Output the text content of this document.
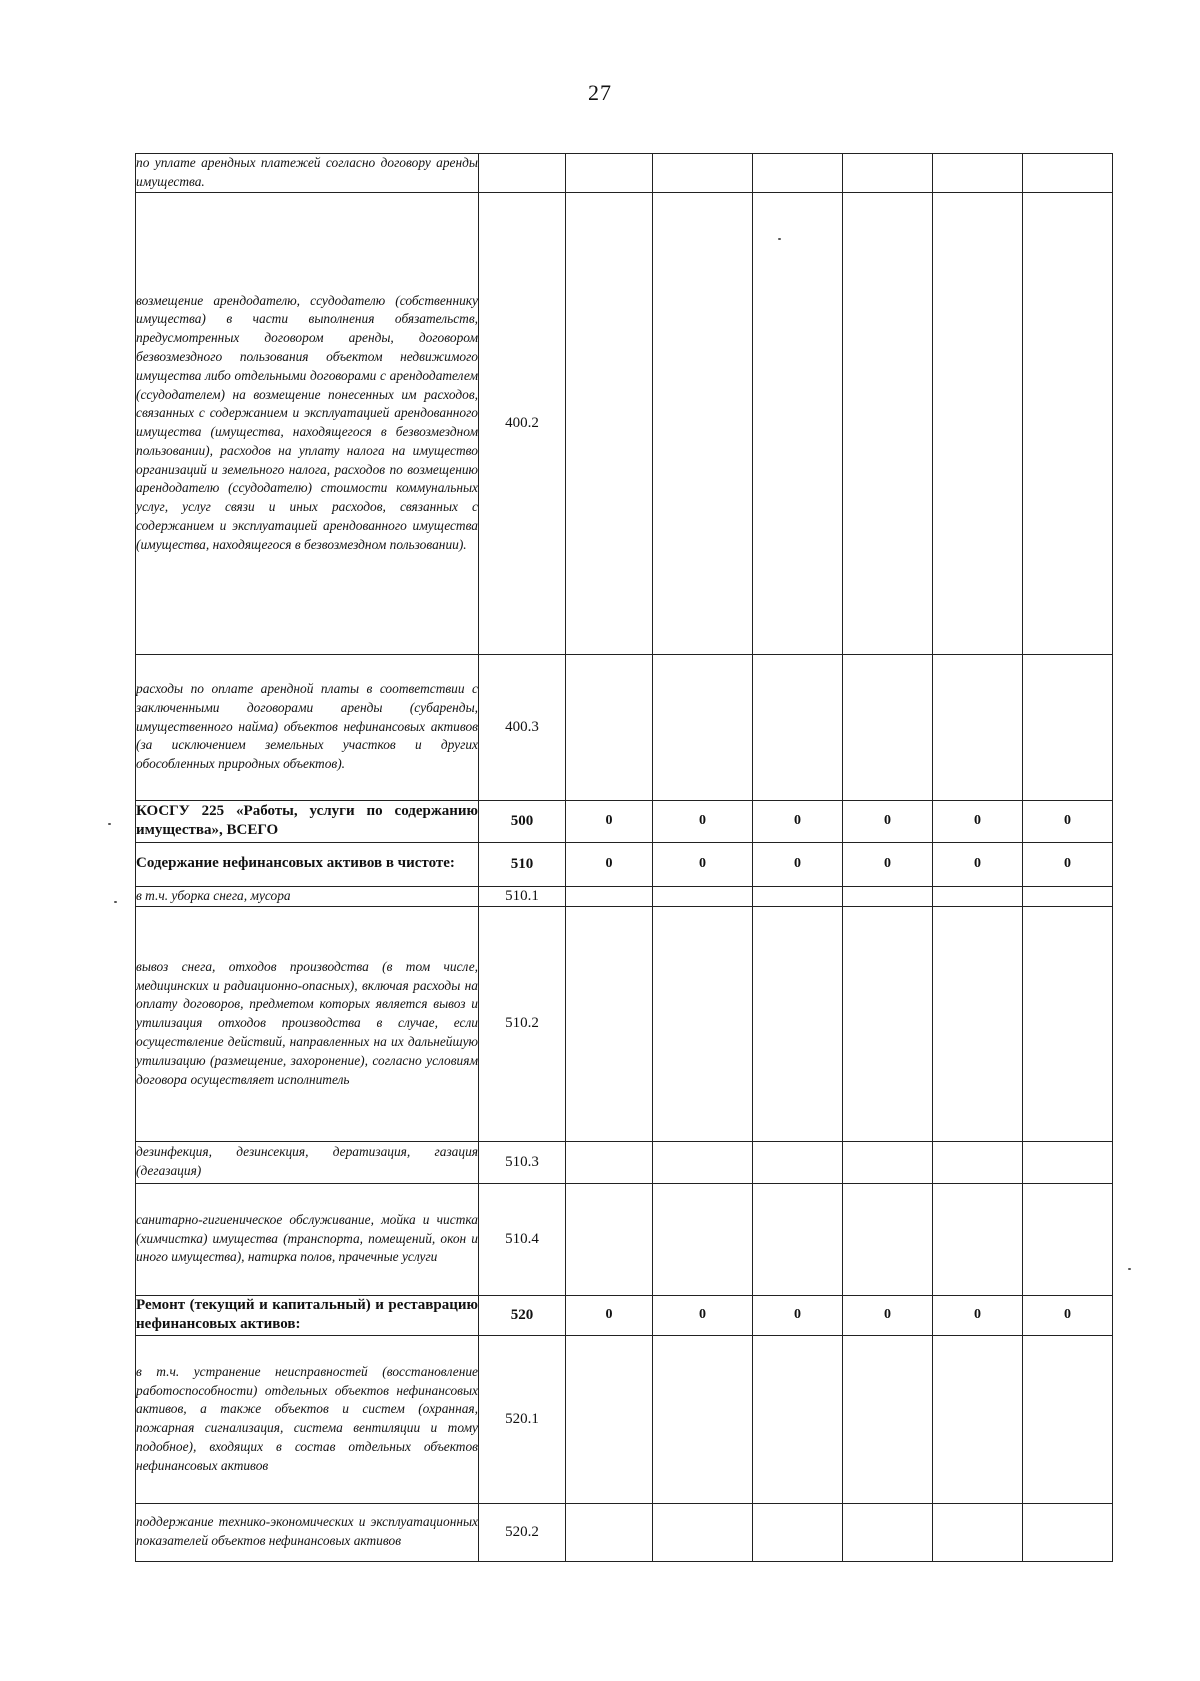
27
по уплате арендных платежей согласно договору аренды имущества.							
возмещение арендодателю, ссудодателю (собственнику имущества) в части выполнения обязательств, предусмотренных договором аренды, договором безвозмездного пользования объектом недвижимого имущества либо отдельными договорами с арендодателем (ссудодателем) на возмещение понесенных им расходов, связанных с содержанием и эксплуатацией арендованного имущества (имущества, находящегося в безвозмездном пользовании), расходов на уплату налога на имущество организаций и земельного налога, расходов по возмещению арендодателю (ссудодателю) стоимости коммунальных услуг, услуг связи и иных расходов, связанных с содержанием и эксплуатацией арендованного имущества (имущества, находящегося в безвозмездном пользовании).	400.2						
расходы по оплате арендной платы в соответствии с заключенными договорами аренды (субаренды, имущественного найма) объектов нефинансовых активов (за исключением земельных участков и других обособленных природных объектов).	400.3						
КОСГУ 225 «Работы, услуги по содержанию имущества», ВСЕГО	500	0	0	0	0	0	0
Содержание нефинансовых активов в чистоте:	510	0	0	0	0	0	0
в т.ч. уборка снега, мусора	510.1						
вывоз снега, отходов производства (в том числе, медицинских и радиационно-опасных), включая расходы на оплату договоров, предметом которых является вывоз и утилизация отходов производства в случае, если осуществление действий, направленных на их дальнейшую утилизацию (размещение, захоронение), согласно условиям договора осуществляет исполнитель	510.2						
дезинфекция, дезинсекция, дератизация, газация (дегазация)	510.3						
санитарно-гигиеническое обслуживание, мойка и чистка (химчистка) имущества (транспорта, помещений, окон и иного имущества), натирка полов, прачечные услуги	510.4						
Ремонт (текущий и капитальный) и реставрацию нефинансовых активов:	520	0	0	0	0	0	0
в т.ч. устранение неисправностей (восстановление работоспособности) отдельных объектов нефинансовых активов, а также объектов и систем (охранная, пожарная сигнализация, система вентиляции и тому подобное), входящих в состав отдельных объектов нефинансовых активов	520.1						
поддержание технико-экономических и эксплуатационных показателей объектов нефинансовых активов	520.2						
